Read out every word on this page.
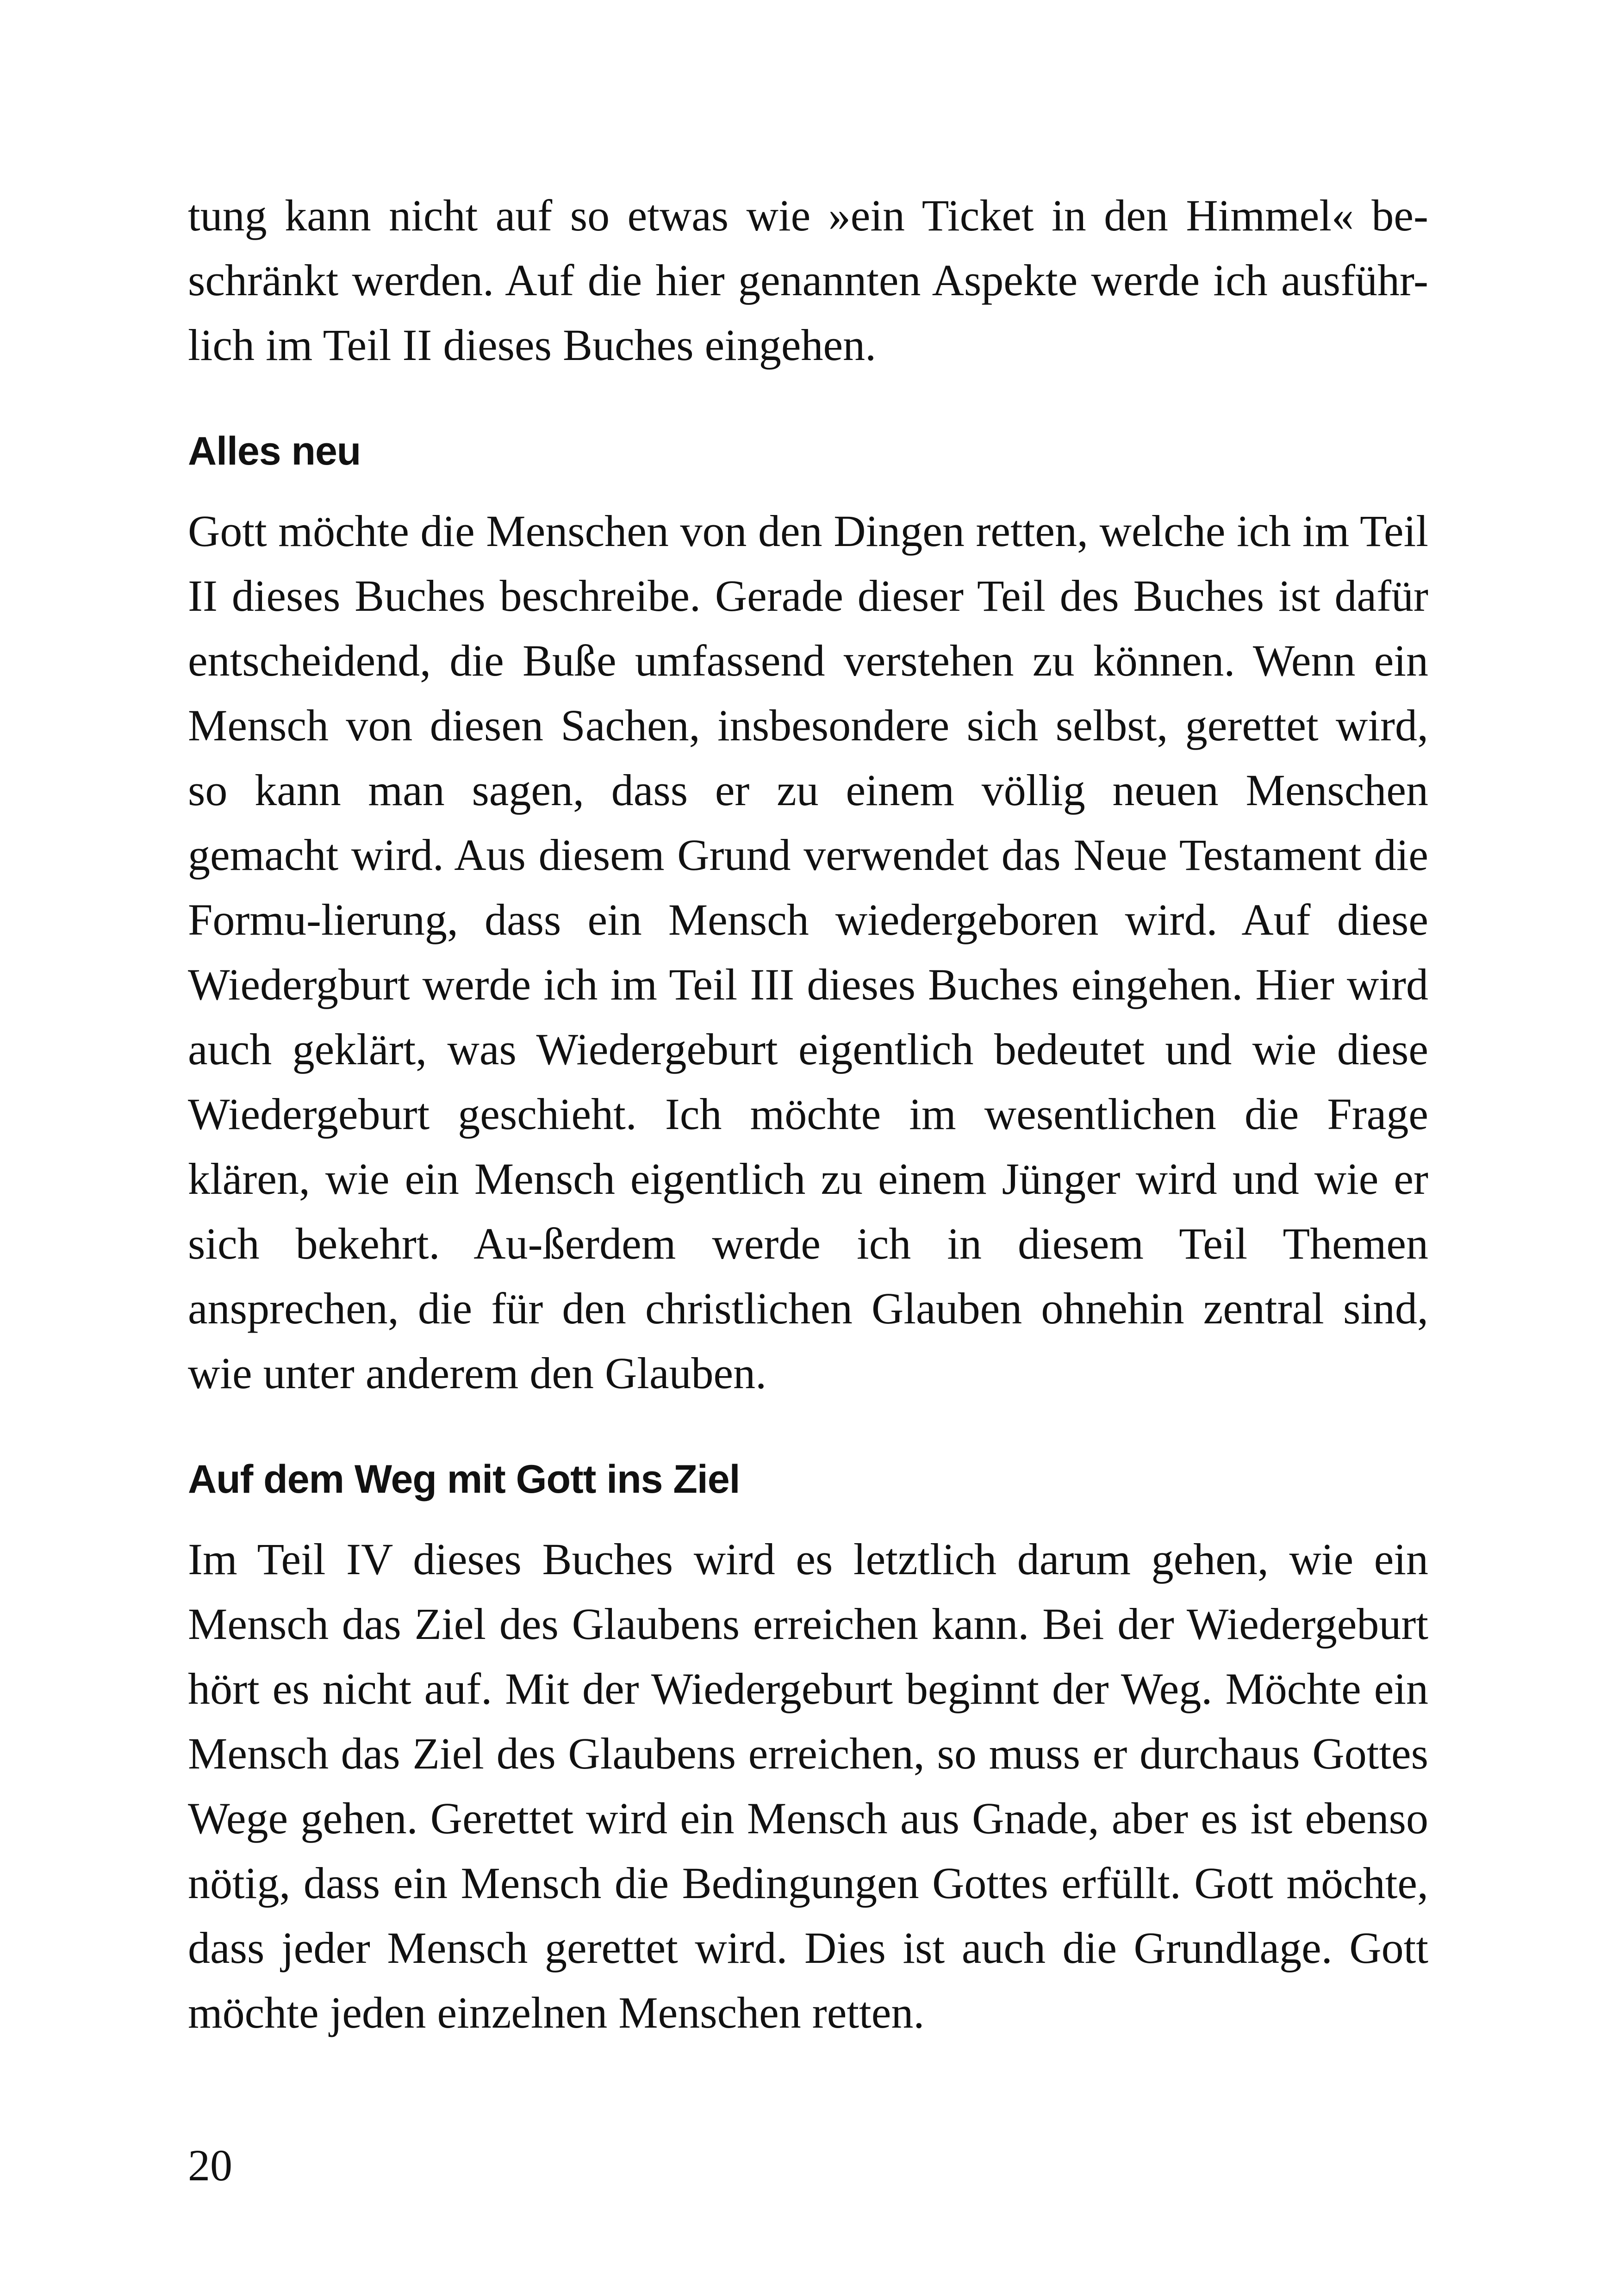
tung kann nicht auf so etwas wie »ein Ticket in den Himmel« be-schränkt werden. Auf die hier genannten Aspekte werde ich ausführ-lich im Teil II dieses Buches eingehen.

Alles neu

Gott möchte die Menschen von den Dingen retten, welche ich im Teil II dieses Buches beschreibe. Gerade dieser Teil des Buches ist dafür entscheidend, die Buße umfassend verstehen zu können. Wenn ein Mensch von diesen Sachen, insbesondere sich selbst, gerettet wird, so kann man sagen, dass er zu einem völlig neuen Menschen gemacht wird. Aus diesem Grund verwendet das Neue Testament die Formu-lierung, dass ein Mensch wiedergeboren wird. Auf diese Wiedergburt werde ich im Teil III dieses Buches eingehen. Hier wird auch geklärt, was Wiedergeburt eigentlich bedeutet und wie diese Wiedergeburt geschieht. Ich möchte im wesentlichen die Frage klären, wie ein Mensch eigentlich zu einem Jünger wird und wie er sich bekehrt. Au-ßerdem werde ich in diesem Teil Themen ansprechen, die für den christlichen Glauben ohnehin zentral sind, wie unter anderem den Glauben.

Auf dem Weg mit Gott ins Ziel

Im Teil IV dieses Buches wird es letztlich darum gehen, wie ein Mensch das Ziel des Glaubens erreichen kann. Bei der Wiedergeburt hört es nicht auf. Mit der Wiedergeburt beginnt der Weg. Möchte ein Mensch das Ziel des Glaubens erreichen, so muss er durchaus Gottes Wege gehen. Gerettet wird ein Mensch aus Gnade, aber es ist ebenso nötig, dass ein Mensch die Bedingungen Gottes erfüllt. Gott möchte, dass jeder Mensch gerettet wird. Dies ist auch die Grundlage. Gott möchte jeden einzelnen Menschen retten.

20
